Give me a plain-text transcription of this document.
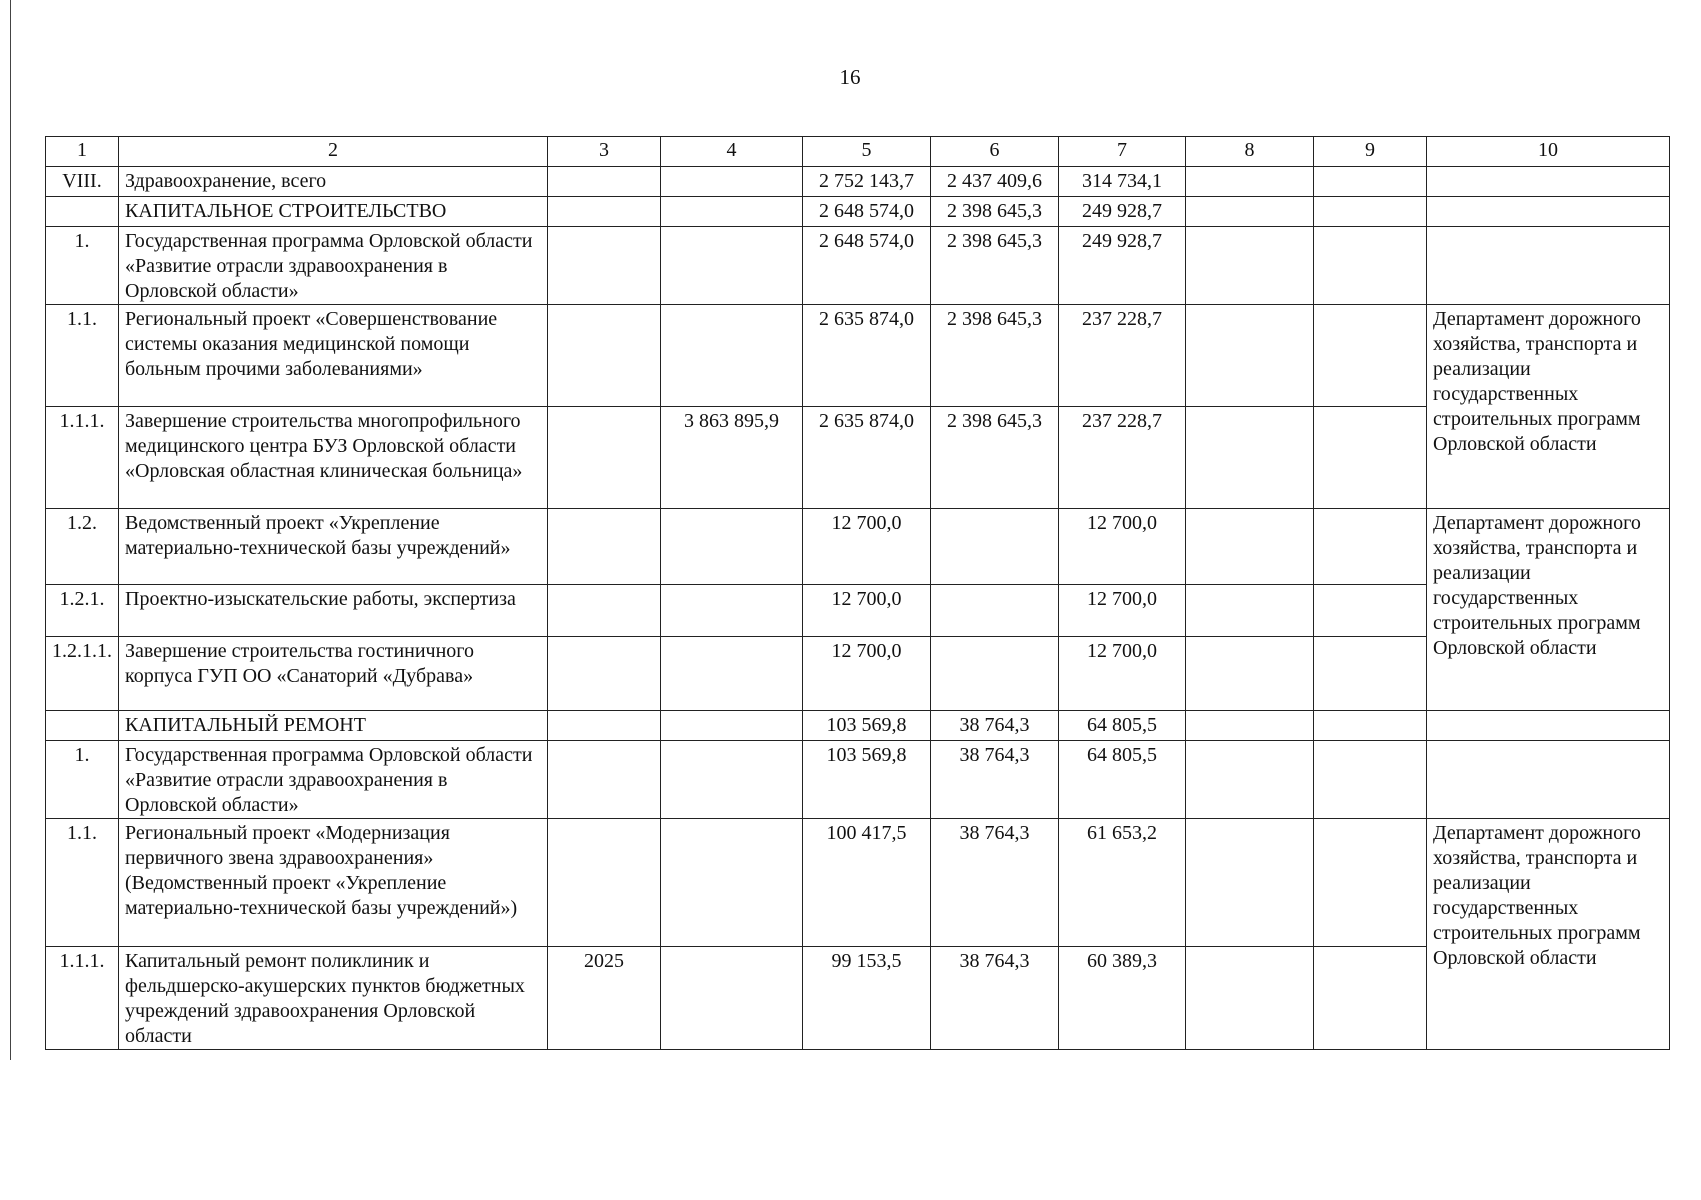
16
1	2	3	4	5	6	7	8	9	10
VIII.	Здравоохранение, всего			2 752 143,7	2 437 409,6	314 734,1			
	КАПИТАЛЬНОЕ СТРОИТЕЛЬСТВО			2 648 574,0	2 398 645,3	249 928,7			
1.	Государственная программа Орловской области «Развитие отрасли здравоохранения в Орловской области»			2 648 574,0	2 398 645,3	249 928,7			
1.1.	Региональный проект «Совершенствование системы оказания медицинской помощи больным прочими заболеваниями»			2 635 874,0	2 398 645,3	237 228,7			Департамент дорожного хозяйства, транспорта и реализации государственных строительных программ Орловской области
1.1.1.	Завершение строительства многопрофильного медицинского центра БУЗ Орловской области «Орловская областная клиническая больница»		3 863 895,9	2 635 874,0	2 398 645,3	237 228,7			
1.2.	Ведомственный проект «Укрепление материально-технической базы учреждений»			12 700,0		12 700,0			Департамент дорожного хозяйства, транспорта и реализации государственных строительных программ Орловской области
1.2.1.	Проектно-изыскательские работы, экспертиза			12 700,0		12 700,0			
1.2.1.1.	Завершение строительства гостиничного корпуса ГУП ОО «Санаторий «Дубрава»			12 700,0		12 700,0			
	КАПИТАЛЬНЫЙ РЕМОНТ			103 569,8	38 764,3	64 805,5			
1.	Государственная программа Орловской области «Развитие отрасли здравоохранения в Орловской области»			103 569,8	38 764,3	64 805,5			
1.1.	Региональный проект «Модернизация первичного звена здравоохранения» (Ведомственный проект «Укрепление материально-технической базы учреждений»)			100 417,5	38 764,3	61 653,2			Департамент дорожного хозяйства, транспорта и реализации государственных строительных программ Орловской области
1.1.1.	Капитальный ремонт поликлиник и фельдшерско-акушерских пунктов бюджетных учреждений здравоохранения Орловской области	2025		99 153,5	38 764,3	60 389,3			
